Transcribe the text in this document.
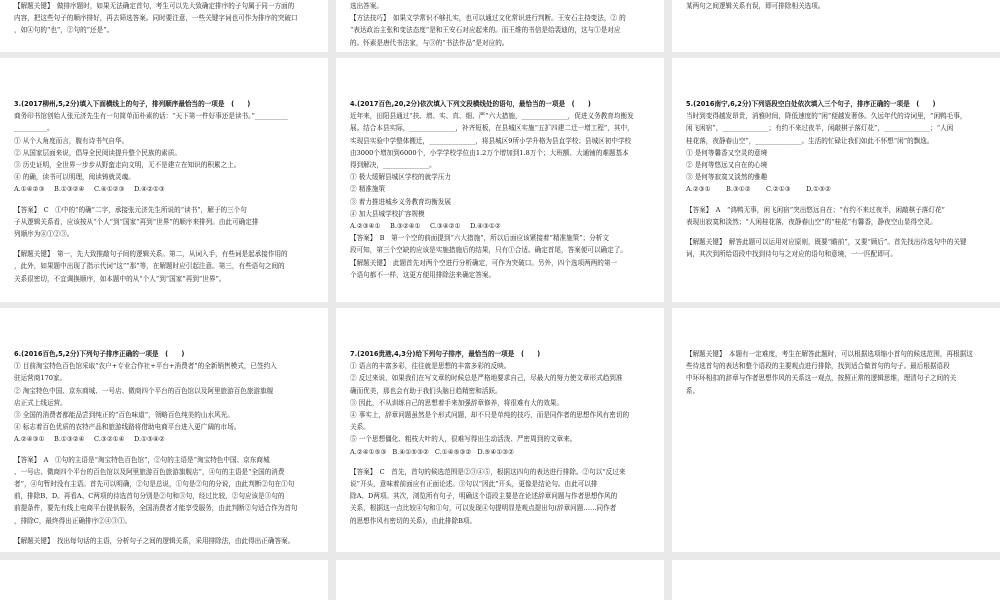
【解题关键】　做排序题时，如果无法确定首句，考生可以先大致确定排序的子句属于同一方面的
内容，把这些句子的顺序排好，再去筛选答案。同时要注意，一些关键字词也可作为排序的突破口
，如④句的“也”，②句的“还是”。
选出答案。
【方法技巧】　如果文学常识不够扎实，也可以通过文化常识进行判断。王安石主持变法，② 的
“表达政治主张和变法态度”是和王安石对应起来的。而王维的书信是给裴迪的，这与①是对应
的。怀素是唐代书法家，与③的“书法作品”是对应的。
某两句之间逻辑关系有误，即可排除相关选项。
3.(2017柳州,5,2分)填入下面横线上的句子，排列顺序最恰当的一项是　(　　)
商务印书馆创始人张元济先生有一句简单而朴素的话：“天下第一件好事还是读书。”__________
__________。
① 从个人角度而言，腹有诗书气自华。
② 从国家层面来说，倡导全民阅读提升整个民族的素质。
③ 历史证明，全世界一步步从野蛮走向文明，无不是建立在知识的积累之上。
④ 的确，读书可以明理，阅读铸就灵魂。
A.①④②③ B.①③②④ C.④①②③ D.④②①③
【答案】　C　①中的“的确”二字，承接张元济先生所说的“读书”，解于的三个句
子从逻辑关系看，应该按从“个人”到“国家”再到“世界”的顺序来排列。由此可确定排
列顺序为④①②③。
【解题关键】　第一，先大致推敲句子间的逻辑关系。第二，从词入手，有些词是起承接作用的
，此外，如果题中出现了指示代词“这”“那”等，在解题时应引起注意。第三，有些语句之间的
关系很密切，不宜调换顺序，如本题中的从“个人”到“国家”再到“世界”。
4.(2017百色,20,2分)依次填入下列文段横线处的语句，最恰当的一项是　(　　)
近年来，田阳县通过“扶、增、实、真、细、严”六大措施，______________，促进义务教育均衡发
展。结合本县实际，______________，补齐短板，在县城区实施“五扩四建二迁一增工程”，其中，
实现县实验中学整体搬迁，______________，将县城区9所小学升格为县直学校；县城区初中学校
由3000个增加到6000个，小学学校学位由1.2万个增加到1.8万个；大班额、大通铺的难题基本
得到解决，______________。
① 极大缓解县城区学校的就学压力
② 精准施策
③ 着力推进城乡义务教育均衡发展
④ 加大县城学校扩容规模
A.②③④① B.③②④① C.③④②① D.④③①②
【答案】　B　第一个空的前面提到“六大措施”，所以后面应该紧接着“精准施策”；分析文
段可知，第三个空缺的应该是实施措施后的结果，只有①合适。确定首尾，答案便可以确定了。
【解题关键】　此题首先对两个空进行分析确定，可作为突破口。另外，四个选项两两的第一
个语句都不一样，这更方便用排除法来确定答案。
5.(2016南宁,6,2分)下列语段空白处依次填入三个句子，排序正确的一项是　(　　)
当时到变得越发昂贵，消雅时间，降低速度的“闲”便越发奢侈。久远年代的诗词里，“闲鸭毛事，
闲飞闲宿”，______________；有约不来过夜半，闲敲棋子落灯花”，______________；“人闲
桂花落，夜静春山空”，______________。生活的忙碌让我们如此不怀想“闲”的飘逸。
① 是何等馨香又空灵的意境
② 是何等悠远又自在的心境
③ 是何等寂寞又淡然的雅趣
A.②③① B.③①② C.②①③ D.①③②
【答案】　A　“鸿鸭无事，闲飞闲宿”突出悠远自在；“有约不来过夜半，闲敲棋子落灯花”
表现出寂寞和淡然；“人闲桂花落，夜静春山空”的“桂花”有馨香，静夜空山显得空灵。
【解题关键】　解答此题可以运用对应原则，既要“瞻前”，又要“顾后”。首先找出待选句中的关键
词，其次到所给语段中找到待句与之对应的语句和意境，一一匹配即可。
6.(2016百色,5,2分)下列句子排序正确的一项是　(　　)
① 目前淘宝特色百色馆采取“农户+专业合作社+平台+消费者”的全新销售模式，已签约入
驻运营商170家。
② 淘宝特色中国、京东商城、一号店、微商四个平台的百色馆以及阿里旅游百色旅游旗舰
店正式上线运营。
③ 全国的消费者都能品尝到纯正的“百色味道”，领略百色纯美的山水风光。
④ 标志着百色优质的农特产品和旅游线路将借助电商平台进入更广阔的市场。
A.②④③① B.①③②④ C.③②①④ D.①③④②
【答案】　A　①句的主语是“淘宝特色百色馆”，②句的主语是“淘宝特色中国、京东商城
、一号店、微商四个平台的百色馆以及阿里旅游百色旅游旗舰店”，④句的主语是“全国的消费
者”，④句暂时没有主语。首先可以明确，②句是总说，①句是②句的分说，由此判断②句在①句
前，排除B、D。再看A、C两项的待选首句分别是②句和③句，经过比较，②句应该是③句的
前提条件，要先有线上电商平台提供服务，全国消费者才能享受服务，由此判断②句适合作为首句
，排除C，最终得出正确排序②④③①。
【解题关键】　找出每句话的主语，分析句子之间的逻辑关系，采用排除法，由此得出正确答案。
7.(2016贵港,4,3分)给下列句子排序，最恰当的一项是　(　　)
① 语言的丰富多彩，往往就是思想的丰富多彩的反映。
② 反过来说，如果我们在写文章的时候总是严格地要求自己，尽最大的努力使文章形式趋到准
确而优美，那也会有助于我们头脑日趋精密和活跃。
③ 因此，不从训练自己的思想着手来加强辞章修养，将很难有大的效果。
④ 事实上，辞章问题虽然是个形式问题，却不只是单纯的技巧，而是同作者的思想作风有密切的
关系。
⑤ 一个思想僵化、粗枝大叶的人，很难写得出生动活泼、严密周到的文章来。
A.②④①⑤③ B.④①⑤③② C.①④⑤③② D.⑤④①③②
【答案】　C　首先，首句的候选范围是②③④⑤，根据这四句的表达进行排除。②句以“反过来
说”开头，意味着前面应有正面论述。③句以“因此”开头，更像是结论句。由此可以排
除A、D两项。其次，浏览所有句子，明确这个语段主要是在论述辞章问题与作者思想作风的
关系，根据这一点比较④句和①句，可以发现④句提明显是观点提出句(辞章问题……同作者
的思想作风有密切的关系)，由此排除B项。
【解题关键】　本题有一定难度，考生在解答此题时，可以根据选项缩小首句的候选范围，再根据这
些待选首句的表达和整个语段的主要观点进行排除，找到适合做首句的句子。最后根据语段
中环环相扣的辞章与作者思想作风的关系这一观点，按照正常的逻辑思维，理清句子之间的关
系。
